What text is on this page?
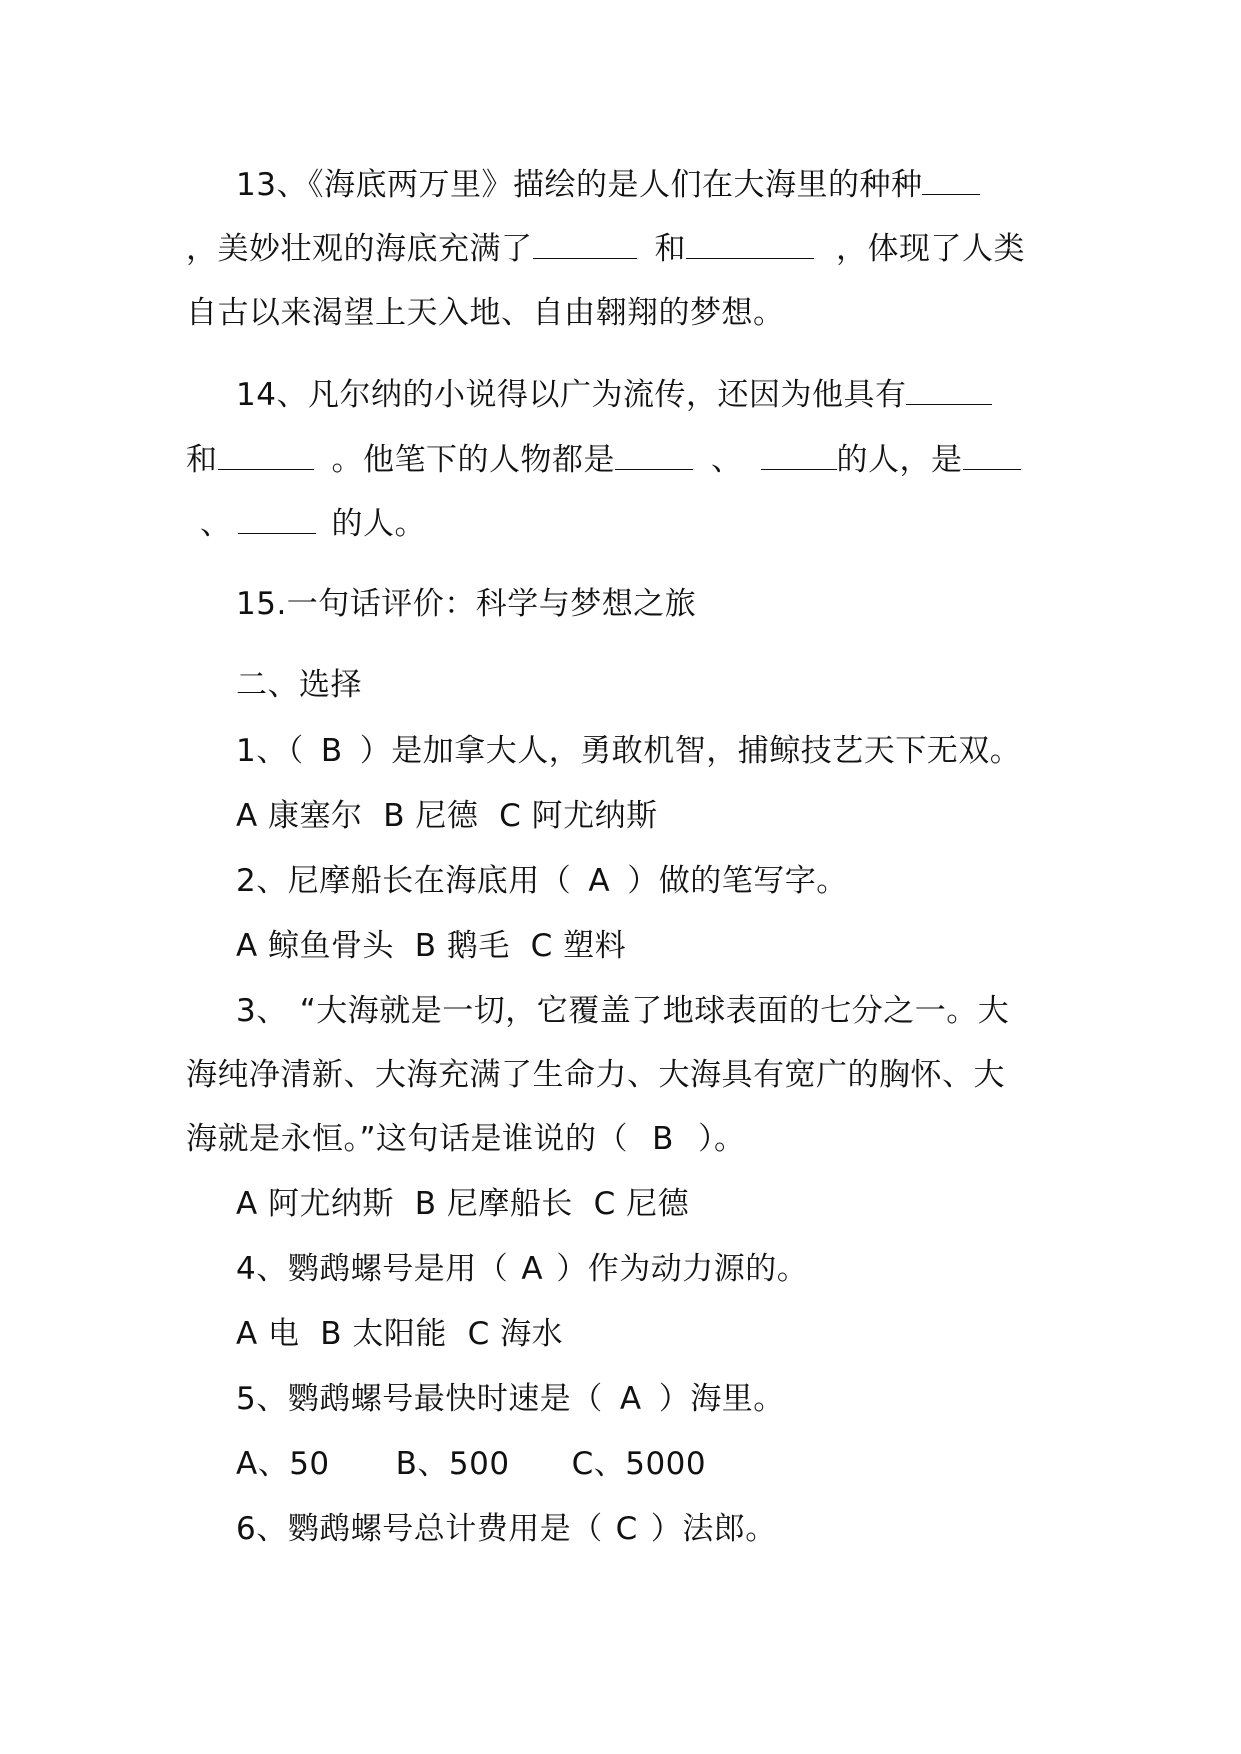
13、《海底两万里》描绘的是人们在大海里的种种
，美妙壮观的海底充满了	和	，体现了人类
自古以来渴望上天入地、自由翱翔的梦想。
14、凡尔纳的小说得以广为流传，还因为他具有
和	。他笔下的人物都是	、	的人，是
、	的人。
15.一句话评价：科学与梦想之旅
二、选择
1、（ B ）是加拿大人，勇敢机智，捕鲸技艺天下无双。
A 康塞尔  B 尼德  C 阿尤纳斯
2、尼摩船长在海底用（ A ）做的笔写字。
A 鲸鱼骨头  B 鹅毛  C 塑料
3、 “大海就是一切，它覆盖了地球表面的七分之一。大
海纯净清新、大海充满了生命力、大海具有宽广的胸怀、大
海就是永恒。”这句话是谁说的（ B ）。
A 阿尤纳斯  B 尼摩船长  C 尼德
4、鹦鹉螺号是用（ A ）作为动力源的。
A 电  B 太阳能  C 海水
5、鹦鹉螺号最快时速是（ A ）海里。
A、50 B、500 C、5000
6、鹦鹉螺号总计费用是（ C ）法郎。
